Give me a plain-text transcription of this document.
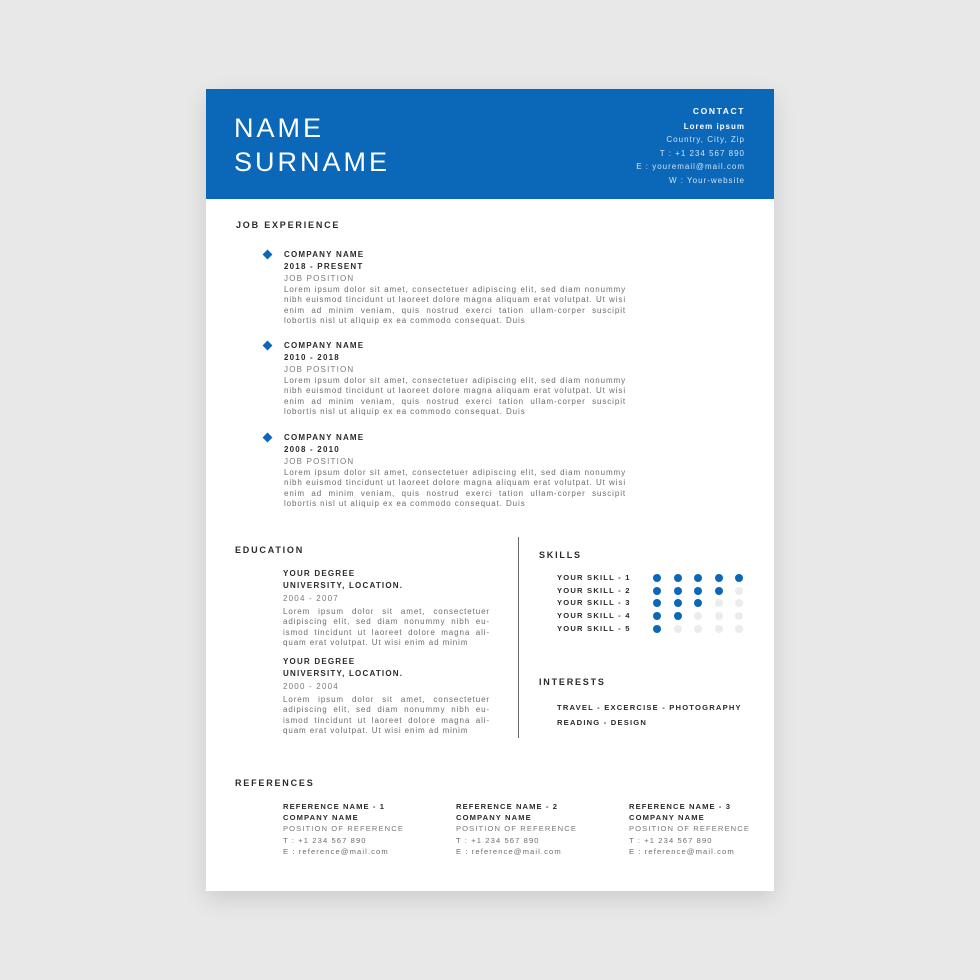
NAME
SURNAME
CONTACT
Lorem ipsum
Country, City, Zip
T : +1 234 567 890
E : youremail@mail.com
W : Your-website
JOB EXPERIENCE
COMPANY NAME
2018 - PRESENT
JOB POSITION
Lorem ipsum dolor sit amet, consectetuer adipiscing elit, sed diam nonummy nibh euismod tincidunt ut laoreet dolore magna aliquam erat volutpat. Ut wisi enim ad minim veniam, quis nostrud exerci tation ullam-corper suscipit lobortis nisl ut aliquip ex ea commodo consequat. Duis
COMPANY NAME
2010 - 2018
JOB POSITION
Lorem ipsum dolor sit amet, consectetuer adipiscing elit, sed diam nonummy nibh euismod tincidunt ut laoreet dolore magna aliquam erat volutpat. Ut wisi enim ad minim veniam, quis nostrud exerci tation ullam-corper suscipit lobortis nisl ut aliquip ex ea commodo consequat. Duis
COMPANY NAME
2008 - 2010
JOB POSITION
Lorem ipsum dolor sit amet, consectetuer adipiscing elit, sed diam nonummy nibh euismod tincidunt ut laoreet dolore magna aliquam erat volutpat. Ut wisi enim ad minim veniam, quis nostrud exerci tation ullam-corper suscipit lobortis nisl ut aliquip ex ea commodo consequat. Duis
EDUCATION
YOUR DEGREE
UNIVERSITY, LOCATION.
2004 - 2007
Lorem ipsum dolor sit amet, consectetuer adipiscing elit, sed diam nonummy nibh eu-ismod tincidunt ut laoreet dolore magna ali-quam erat volutpat. Ut wisi enim ad minim
YOUR DEGREE
UNIVERSITY, LOCATION.
2000 - 2004
Lorem ipsum dolor sit amet, consectetuer adipiscing elit, sed diam nonummy nibh eu-ismod tincidunt ut laoreet dolore magna ali-quam erat volutpat. Ut wisi enim ad minim
SKILLS
YOUR SKILL - 1
YOUR SKILL - 2
YOUR SKILL - 3
YOUR SKILL - 4
YOUR SKILL - 5
INTERESTS
TRAVEL - EXCERCISE - PHOTOGRAPHY
READING - DESIGN
REFERENCES
REFERENCE NAME - 1
COMPANY NAME
POSITION OF REFERENCE
T : +1 234 567 890
E : reference@mail.com
REFERENCE NAME - 2
COMPANY NAME
POSITION OF REFERENCE
T : +1 234 567 890
E : reference@mail.com
REFERENCE NAME - 3
COMPANY NAME
POSITION OF REFERENCE
T : +1 234 567 890
E : reference@mail.com
